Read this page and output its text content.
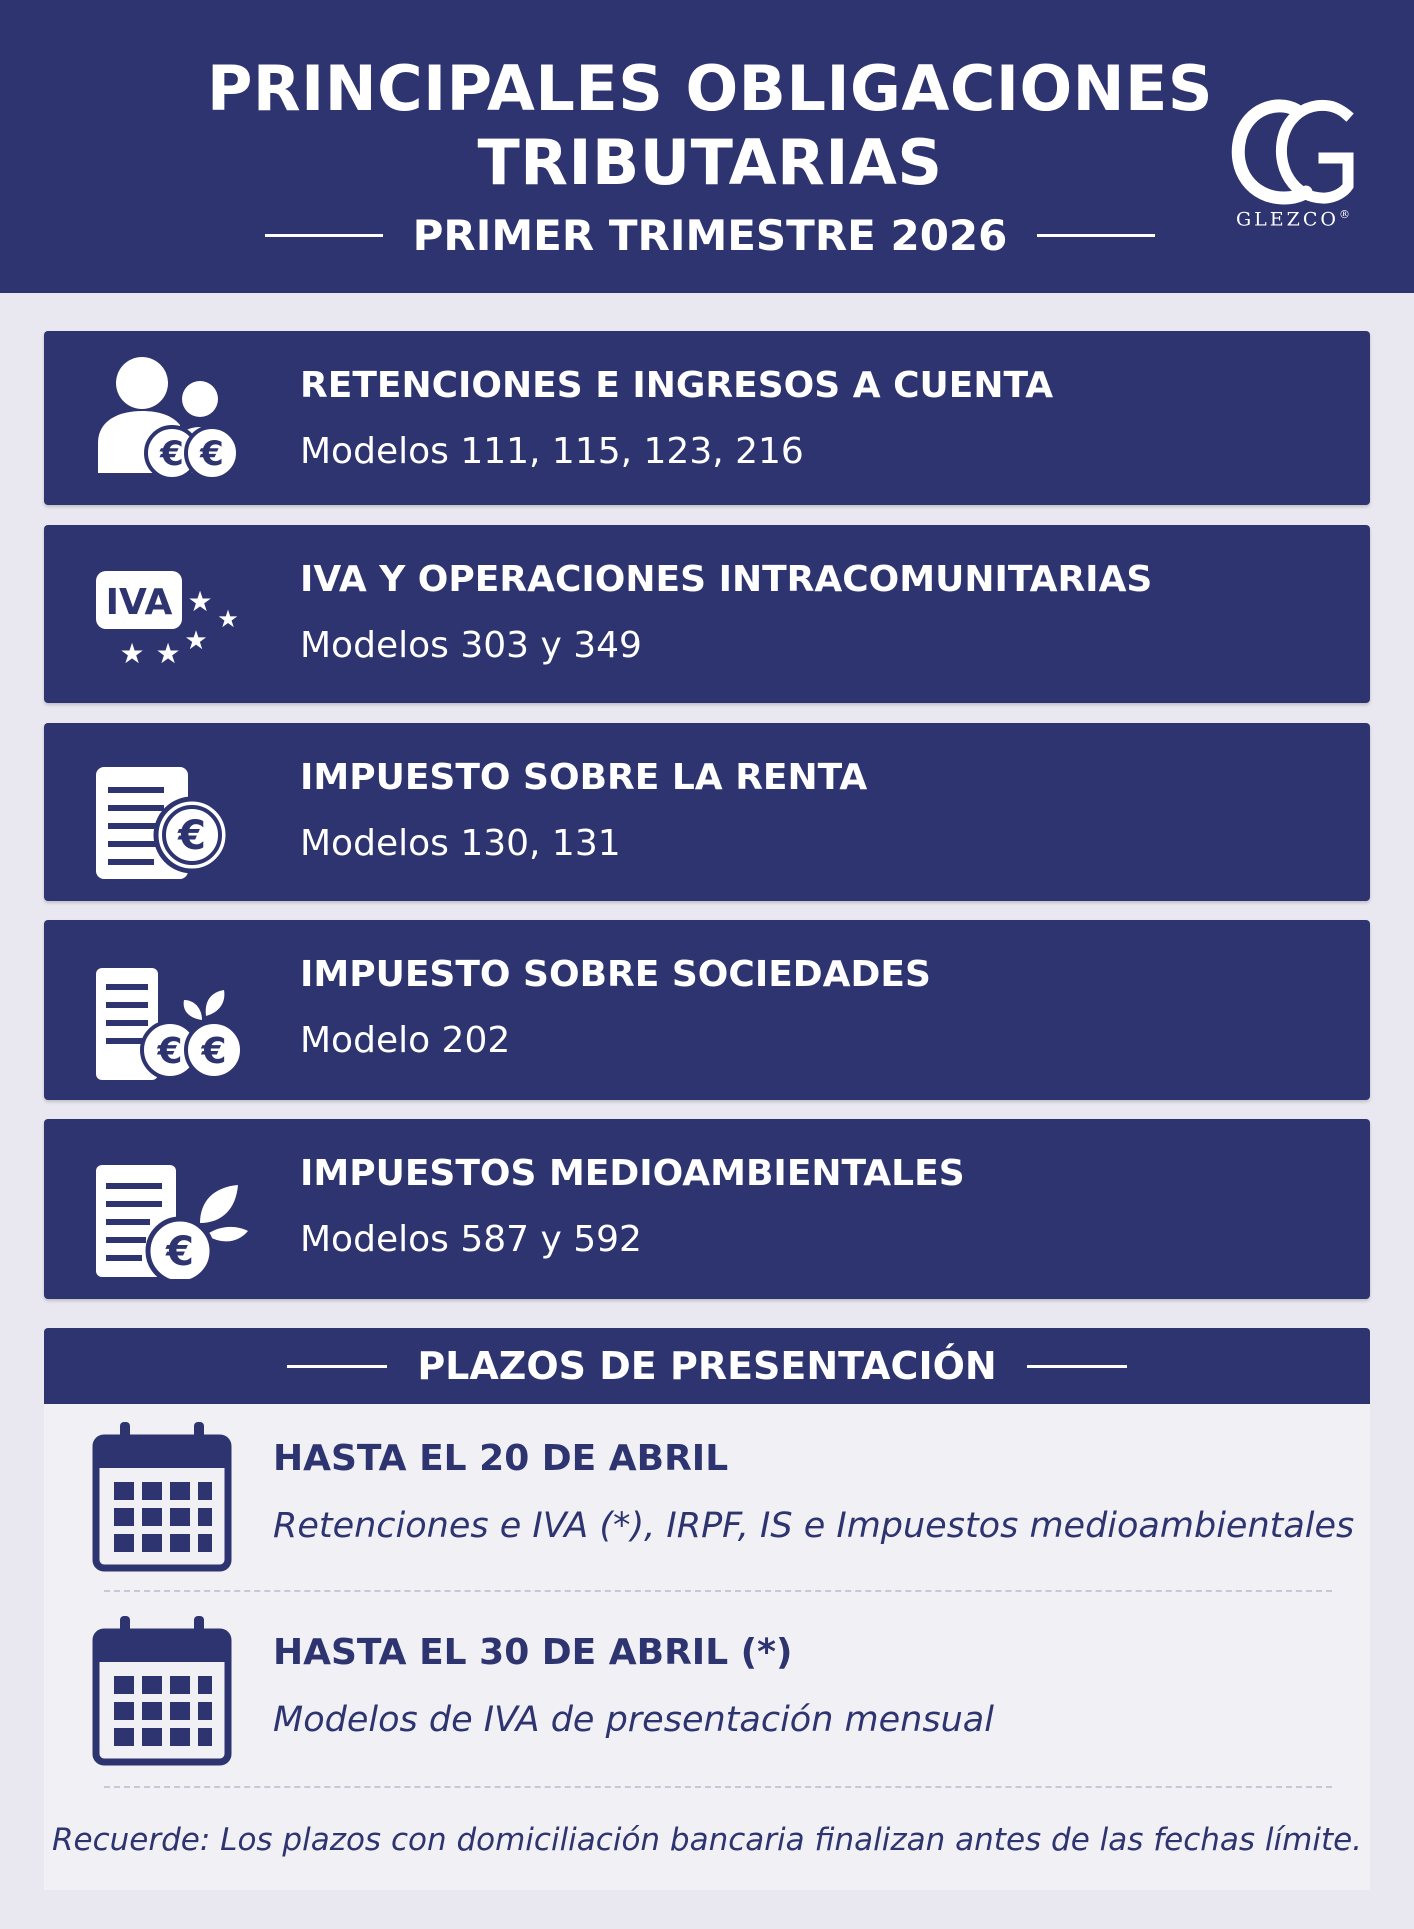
PRINCIPALES OBLIGACIONES
TRIBUTARIAS
PRIMER TRIMESTRE 2026	GLEZCO®
€ €
RETENCIONES E INGRESOS A CUENTA
Modelos 111, 115, 123, 216
IVA ★
★
★
★
★
IVA Y OPERACIONES INTRACOMUNITARIAS
Modelos 303 y 349
€
IMPUESTO SOBRE LA RENTA
Modelos 130, 131
€ €
IMPUESTO SOBRE SOCIEDADES
Modelo 202
€
IMPUESTOS MEDIOAMBIENTALES
Modelos 587 y 592
PLAZOS DE PRESENTACIÓN
HASTA EL 20 DE ABRIL
Retenciones e IVA (*), IRPF, IS e Impuestos medioambientales
HASTA EL 30 DE ABRIL (*)
Modelos de IVA de presentación mensual
Recuerde: Los plazos con domiciliación bancaria finalizan antes de las fechas límite.
